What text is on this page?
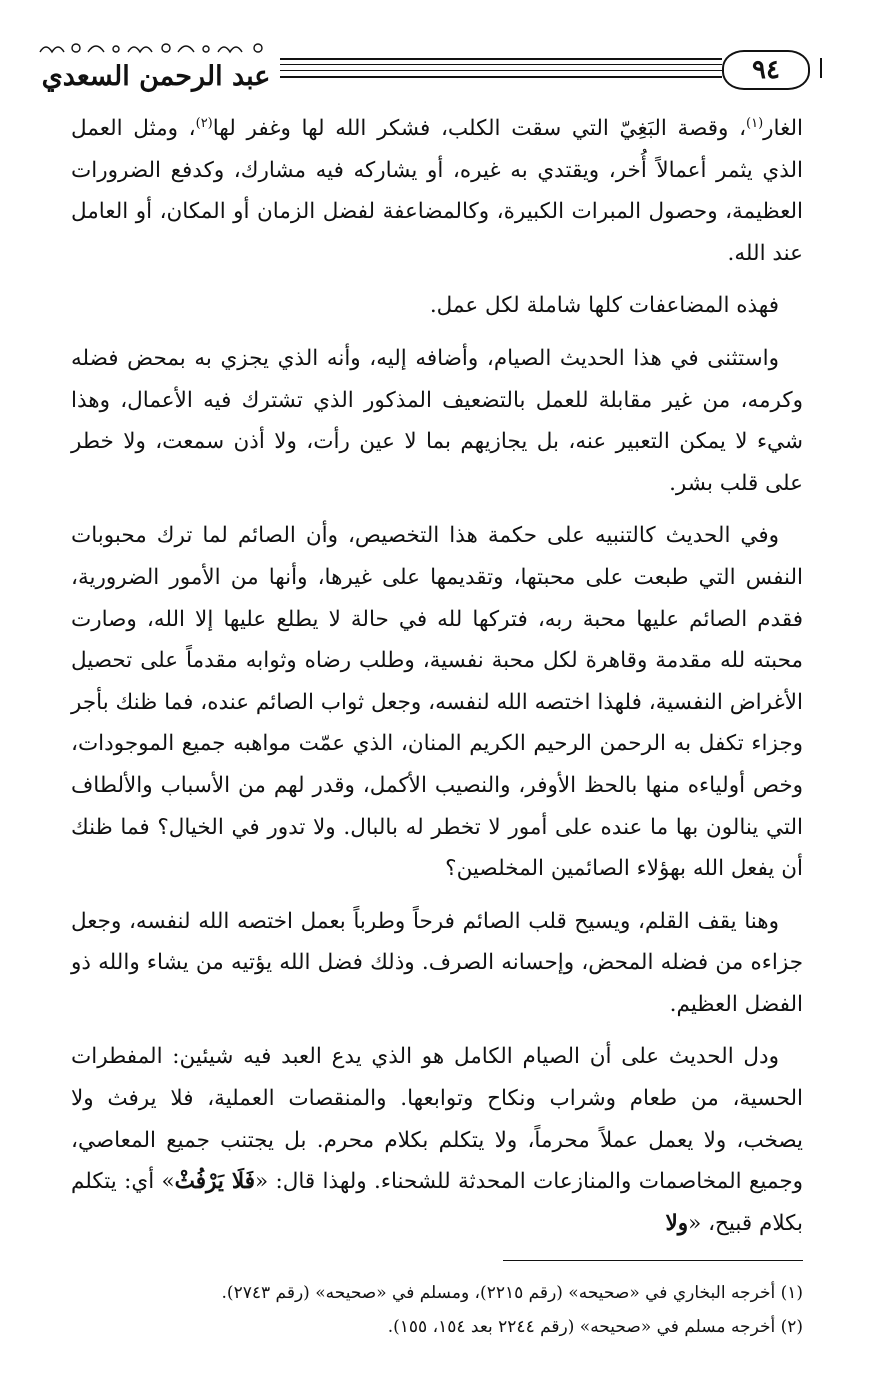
٩٤
عبد الرحمن السعدي

الغار$^{(١)}$، وقصة البَغِيّ التي سقت الكلب، فشكر الله لها وغفر لها$^{(٢)}$، ومثل العمل الذي يثمر أعمالاً أُخر، ويقتدي به غيره، أو يشاركه فيه مشارك، وكدفع الضرورات العظيمة، وحصول المبرات الكبيرة، وكالمضاعفة لفضل الزمان أو المكان، أو العامل عند الله.

فهذه المضاعفات كلها شاملة لكل عمل.

واستثنى في هذا الحديث الصيام، وأضافه إليه، وأنه الذي يجزي به بمحض فضله وكرمه، من غير مقابلة للعمل بالتضعيف المذكور الذي تشترك فيه الأعمال، وهذا شيء لا يمكن التعبير عنه، بل يجازيهم بما لا عين رأت، ولا أذن سمعت، ولا خطر على قلب بشر.

وفي الحديث كالتنبيه على حكمة هذا التخصيص، وأن الصائم لما ترك محبوبات النفس التي طبعت على محبتها، وتقديمها على غيرها، وأنها من الأمور الضرورية، فقدم الصائم عليها محبة ربه، فتركها لله في حالة لا يطلع عليها إلا الله، وصارت محبته لله مقدمة وقاهرة لكل محبة نفسية، وطلب رضاه وثوابه مقدماً على تحصيل الأغراض النفسية، فلهذا اختصه الله لنفسه، وجعل ثواب الصائم عنده، فما ظنك بأجر وجزاء تكفل به الرحمن الرحيم الكريم المنان، الذي عمّت مواهبه جميع الموجودات، وخص أولياءه منها بالحظ الأوفر، والنصيب الأكمل، وقدر لهم من الأسباب والألطاف التي ينالون بها ما عنده على أمور لا تخطر له بالبال. ولا تدور في الخيال؟ فما ظنك أن يفعل الله بهؤلاء الصائمين المخلصين؟

وهنا يقف القلم، ويسيح قلب الصائم فرحاً وطرباً بعمل اختصه الله لنفسه، وجعل جزاءه من فضله المحض، وإحسانه الصرف. وذلك فضل الله يؤتيه من يشاء والله ذو الفضل العظيم.

ودل الحديث على أن الصيام الكامل هو الذي يدع العبد فيه شيئين: المفطرات الحسية، من طعام وشراب ونكاح وتوابعها. والمنقصات العملية، فلا يرفث ولا يصخب، ولا يعمل عملاً محرماً، ولا يتكلم بكلام محرم. بل يجتنب جميع المعاصي، وجميع المخاصمات والمنازعات المحدثة للشحناء. ولهذا قال: «فَلَا يَرْفُثْ» أي: يتكلم بكلام قبيح، «ولا

(١) أخرجه البخاري في «صحيحه» (رقم ٢٢١٥)، ومسلم في «صحيحه» (رقم ٢٧٤٣).

(٢) أخرجه مسلم في «صحيحه» (رقم ٢٢٤٤ بعد ١٥٤، ١٥٥).
